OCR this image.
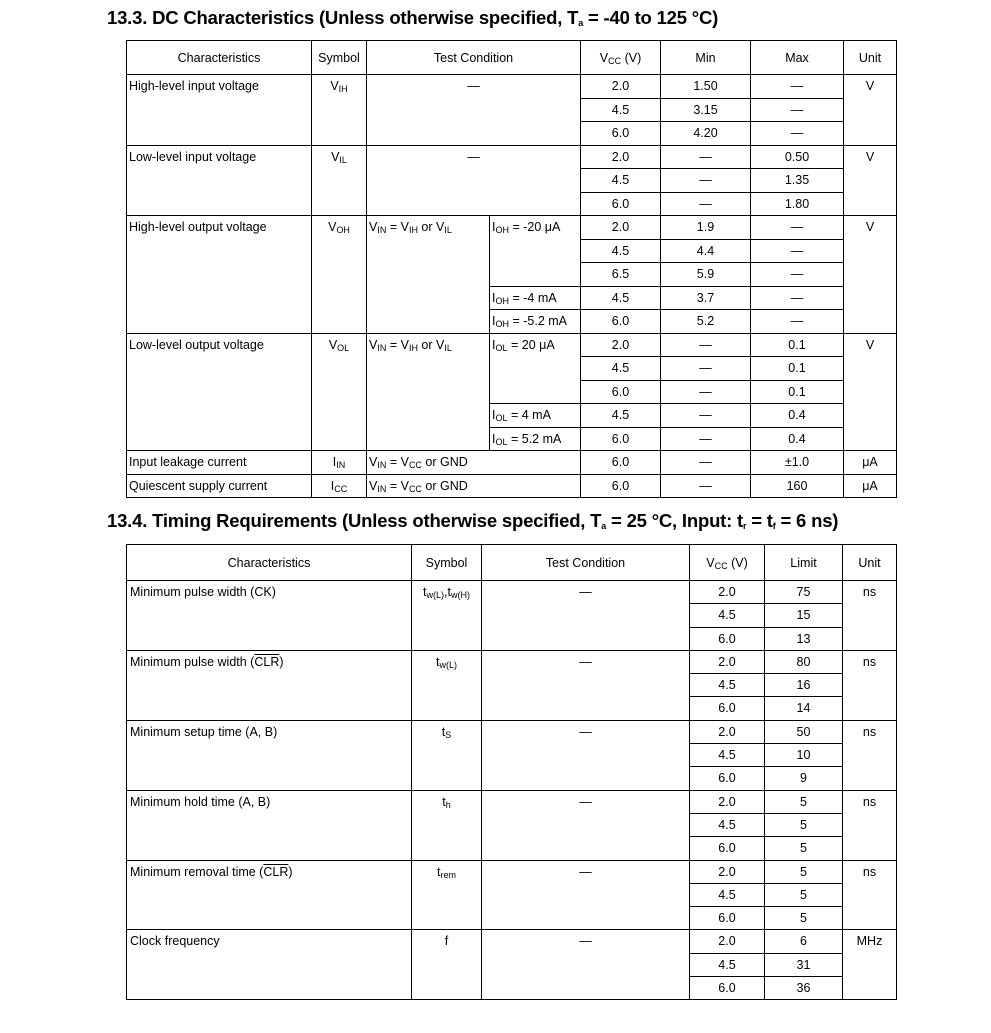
13.3. DC Characteristics (Unless otherwise specified, $T_a = -40$ to 125 °C)
Characteristics	Symbol	Test Condition		$V_{CC}$ (V)	Min	Max	Unit
High-level input voltage	$V_{IH}$	—		2.0	1.50	—	V
				4.5	3.15	—	
				6.0	4.20	—	
Low-level input voltage	$V_{IL}$	—		2.0	—	0.50	V
				4.5	—	1.35	
				6.0	—	1.80	
High-level output voltage	$V_{OH}$	$V_{IN} = V_{IH}$ or $V_{IL}$	$I_{OH} = -20$ μA	2.0	1.9	—	V
				4.5	4.4	—	
				6.5	5.9	—	
			$I_{OH} = -4$ mA	4.5	3.7	—	
			$I_{OH} = -5.2$ mA	6.0	5.2	—	
Low-level output voltage	$V_{OL}$	$V_{IN} = V_{IH}$ or $V_{IL}$	$I_{OL} = 20$ μA	2.0	—	0.1	V
				4.5	—	0.1	
				6.0	—	0.1	
			$I_{OL} = 4$ mA	4.5	—	0.4	
			$I_{OL} = 5.2$ mA	6.0	—	0.4	
Input leakage current	$I_{IN}$	$V_{IN} = V_{CC}$ or GND		6.0	—	±1.0	μA
Quiescent supply current	$I_{CC}$	$V_{IN} = V_{CC}$ or GND		6.0	—	160	μA
13.4. Timing Requirements (Unless otherwise specified, $T_a = 25$ °C, Input: $t_r = t_f = 6$ ns)
Characteristics	Symbol	Test Condition	$V_{CC}$ (V)	Limit	Unit
Minimum pulse width (CK)	$t_{w(L)},t_{w(H)}$	—	2.0	75	ns
			4.5	15	
			6.0	13	
Minimum pulse width $(\overline{CLR})$	$t_{w(L)}$	—	2.0	80	ns
			4.5	16	
			6.0	14	
Minimum setup time (A, B)	$t_S$	—	2.0	50	ns
			4.5	10	
			6.0	9	
Minimum hold time (A, B)	$t_h$	—	2.0	5	ns
			4.5	5	
			6.0	5	
Minimum removal time $(\overline{CLR})$	$t_{rem}$	—	2.0	5	ns
			4.5	5	
			6.0	5	
Clock frequency	f	—	2.0	6	MHz
			4.5	31	
			6.0	36	
